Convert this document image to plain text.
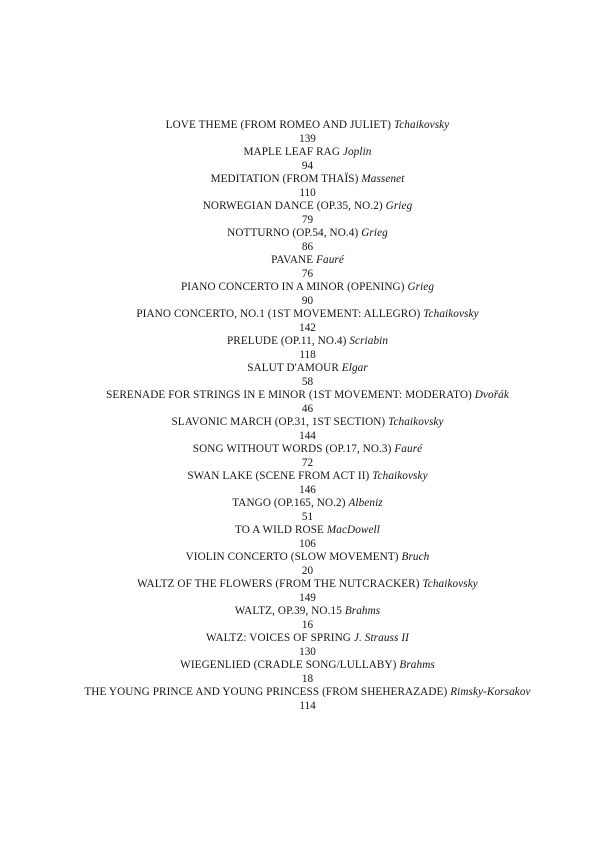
LOVE THEME (FROM ROMEO AND JULIET) Tchaikovsky
139
MAPLE LEAF RAG Joplin
94
MEDITATION (FROM THAÏS) Massenet
110
NORWEGIAN DANCE (OP.35, NO.2) Grieg
79
NOTTURNO (OP.54, NO.4) Grieg
86
PAVANE Fauré
76
PIANO CONCERTO IN A MINOR (OPENING) Grieg
90
PIANO CONCERTO, NO.1 (1ST MOVEMENT: ALLEGRO) Tchaikovsky
142
PRELUDE (OP.11, NO.4) Scriabin
118
SALUT D'AMOUR Elgar
58
SERENADE FOR STRINGS IN E MINOR (1ST MOVEMENT: MODERATO) Dvořák
46
SLAVONIC MARCH (OP.31, 1ST SECTION) Tchaikovsky
144
SONG WITHOUT WORDS (OP.17, NO.3) Fauré
72
SWAN LAKE (SCENE FROM ACT II) Tchaikovsky
146
TANGO (OP.165, NO.2) Albeniz
51
TO A WILD ROSE MacDowell
106
VIOLIN CONCERTO (SLOW MOVEMENT) Bruch
20
WALTZ OF THE FLOWERS (FROM THE NUTCRACKER) Tchaikovsky
149
WALTZ, OP.39, NO.15 Brahms
16
WALTZ: VOICES OF SPRING J. Strauss II
130
WIEGENLIED (CRADLE SONG/LULLABY) Brahms
18
THE YOUNG PRINCE AND YOUNG PRINCESS (FROM SHEHERAZADE) Rimsky-Korsakov
114
